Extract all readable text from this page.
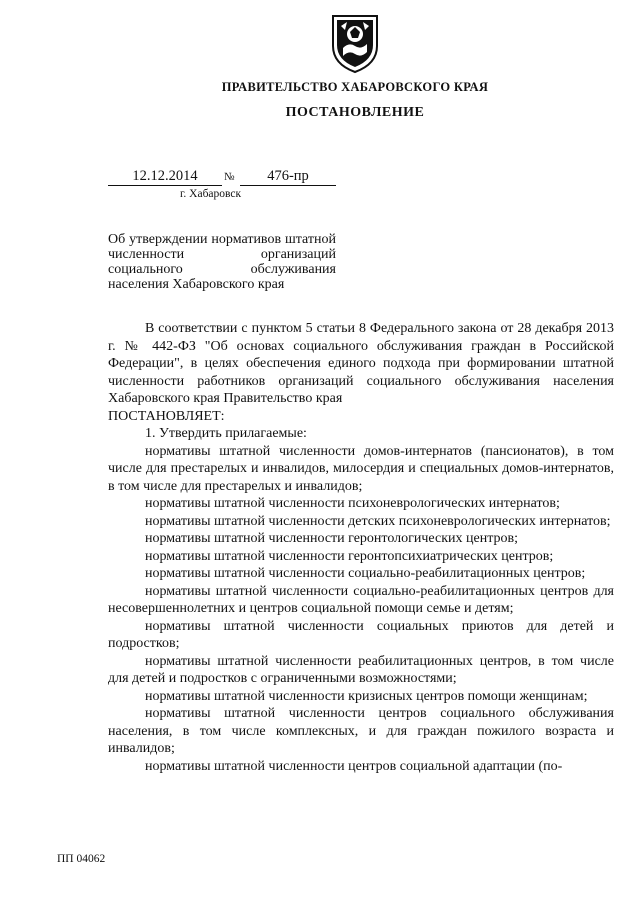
ПРАВИТЕЛЬСТВО ХАБАРОВСКОГО КРАЯ
ПОСТАНОВЛЕНИЕ
12.12.2014	№	476-пр
г. Хабаровск
Об утверждении нормативов штатной численности организаций социального обслуживания населения Хабаровского края

В соответствии с пунктом 5 статьи 8 Федерального закона от 28 декабря 2013 г. № 442-ФЗ "Об основах социального обслуживания граждан в Российской Федерации", в целях обеспечения единого подхода при формировании штатной численности работников организаций социального обслуживания населения Хабаровского края Правительство края

ПОСТАНОВЛЯЕТ:

1. Утвердить прилагаемые:

нормативы штатной численности домов-интернатов (пансионатов), в том числе для престарелых и инвалидов, милосердия и специальных домов-интернатов, в том числе для престарелых и инвалидов;

нормативы штатной численности психоневрологических интернатов;

нормативы штатной численности детских психоневрологических интернатов;

нормативы штатной численности геронтологических центров;

нормативы штатной численности геронтопсихиатрических центров;

нормативы штатной численности социально-реабилитационных центров;

нормативы штатной численности социально-реабилитационных центров для несовершеннолетних и центров социальной помощи семье и детям;

нормативы штатной численности социальных приютов для детей и подростков;

нормативы штатной численности реабилитационных центров, в том числе для детей и подростков с ограниченными возможностями;

нормативы штатной численности кризисных центров помощи женщинам;

нормативы штатной численности центров социального обслуживания населения, в том числе комплексных, и для граждан пожилого возраста и инвалидов;

нормативы штатной численности центров социальной адаптации (по-

ПП 04062
